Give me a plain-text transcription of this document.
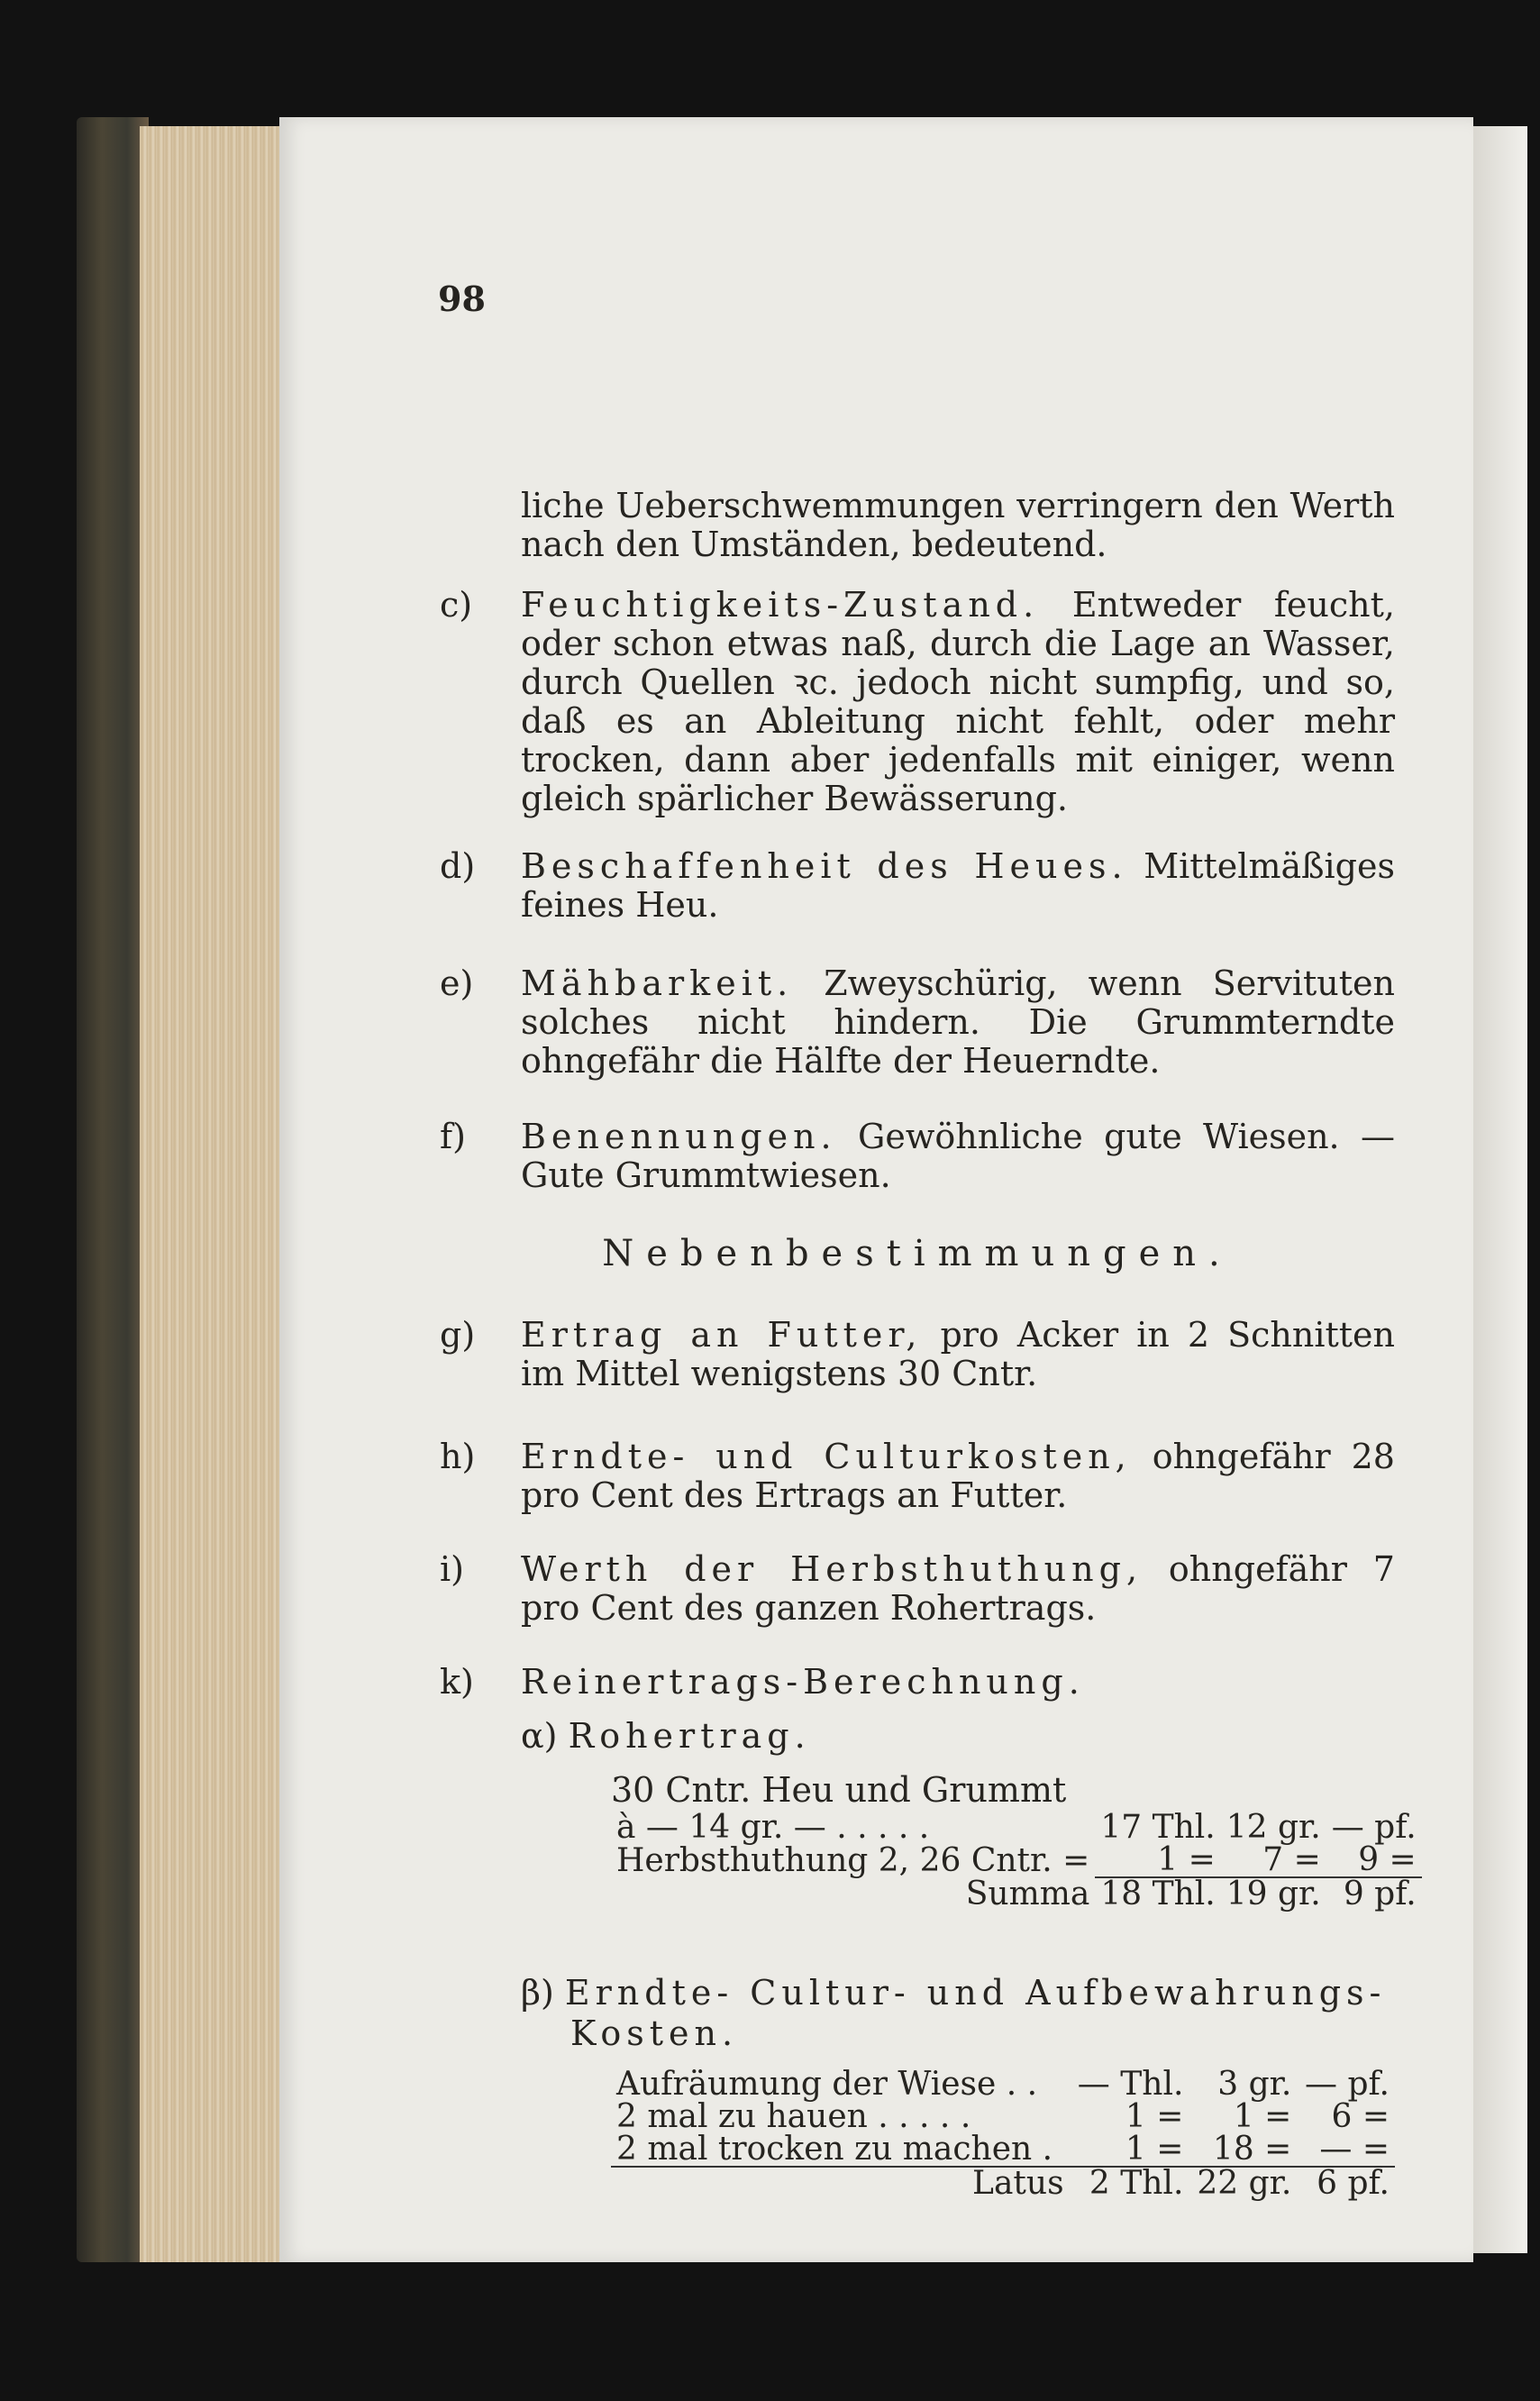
98
liche Ueberschwemmungen verringern den Werth nach den Umständen, bedeutend.
c)	Feuchtigkeits-Zustand. Entweder feucht, oder schon etwas naß, durch die Lage an Wasser, durch Quellen ꝛc. jedoch nicht sumpfig, und so, daß es an Ableitung nicht fehlt, oder mehr trocken, dann aber jedenfalls mit einiger, wenn gleich spärlicher Bewässerung.
d)	Beschaffenheit des Heues. Mittelmäßiges feines Heu.
e)	Mähbarkeit. Zweyschürig, wenn Servituten solches nicht hindern. Die Grummterndte ohngefähr die Hälfte der Heuerndte.
f)	Benennungen. Gewöhnliche gute Wiesen. — Gute Grummtwiesen.
Nebenbestimmungen.
g)	Ertrag an Futter, pro Acker in 2 Schnitten im Mittel wenigstens 30 Cntr.
h)	Erndte- und Culturkosten, ohngefähr 28 pro Cent des Ertrags an Futter.
i)	Werth der Herbsthuthung, ohngefähr 7 pro Cent des ganzen Rohertrags.
k)	Reinertrags-Berechnung.
α) Rohertrag.
30 Cntr. Heu und Grummt
à — 14 gr. — . . . . .	17 Thl.	12 gr.	— pf.
Herbsthuthung 2, 26 Cntr. =	1 =	7 =	9 =
Summa	18 Thl.	19 gr.	9 pf.
β) Erndte- Cultur- und Aufbewahrungs-
Kosten.
Aufräumung der Wiese . .	— Thl.	3 gr.	— pf.
2 mal zu hauen . . . . .	1 =	1 =	6 =
2 mal trocken zu machen .	1 =	18 =	— =
Latus	2 Thl.	22 gr.	6 pf.
